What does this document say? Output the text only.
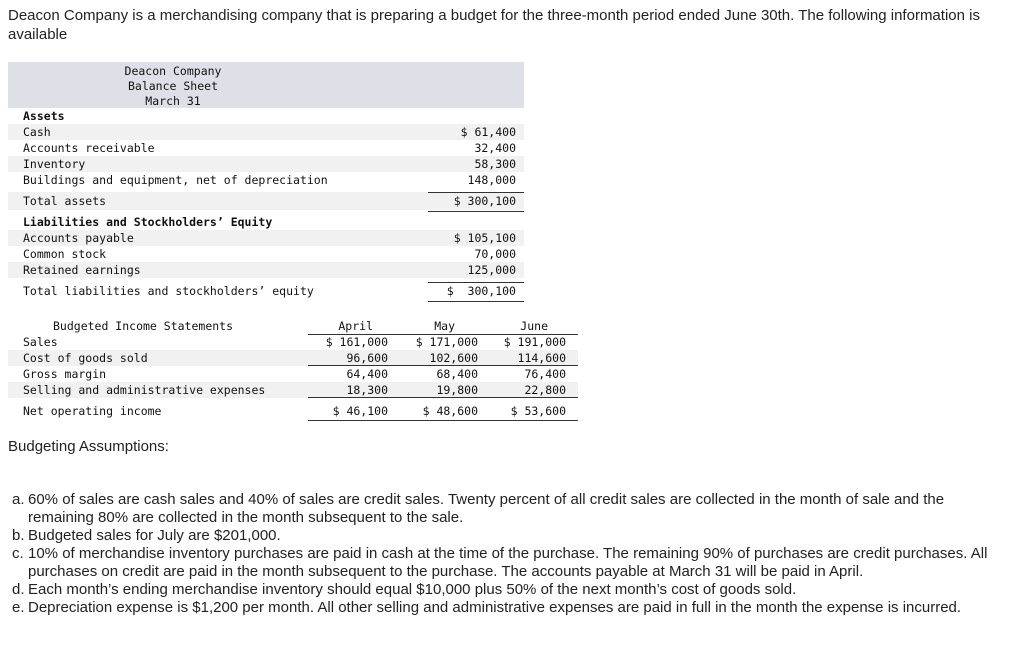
Deacon Company is a merchandising company that is preparing a budget for the three-month period ended June 30th. The following information is available
Deacon Company
Balance Sheet
March 31
Assets
Cash	$ 61,400
Accounts receivable	32,400
Inventory	58,300
Buildings and equipment, net of depreciation	148,000
Total assets	$ 300,100
Liabilities and Stockholders’ Equity
Accounts payable	$ 105,100
Common stock	70,000
Retained earnings	125,000
Total liabilities and stockholders’ equity	$  300,100
Budgeted Income Statements	April	May	June
Sales	$ 161,000 $ 171,000 $ 191,000
Cost of goods sold	96,600	102,600	114,600
Gross margin	64,400	68,400	76,400
Selling and administrative expenses	18,300	19,800	22,800
Net operating income	$ 46,100	$ 48,600	$ 53,600
Budgeting Assumptions:
a. 60% of sales are cash sales and 40% of sales are credit sales. Twenty percent of all credit sales are collected in the month of sale and the remaining 80% are collected in the month subsequent to the sale.
b. Budgeted sales for July are $201,000.
c. 10% of merchandise inventory purchases are paid in cash at the time of the purchase. The remaining 90% of purchases are credit purchases. All purchases on credit are paid in the month subsequent to the purchase. The accounts payable at March 31 will be paid in April.
d. Each month’s ending merchandise inventory should equal $10,000 plus 50% of the next month’s cost of goods sold.
e. Depreciation expense is $1,200 per month. All other selling and administrative expenses are paid in full in the month the expense is incurred.
